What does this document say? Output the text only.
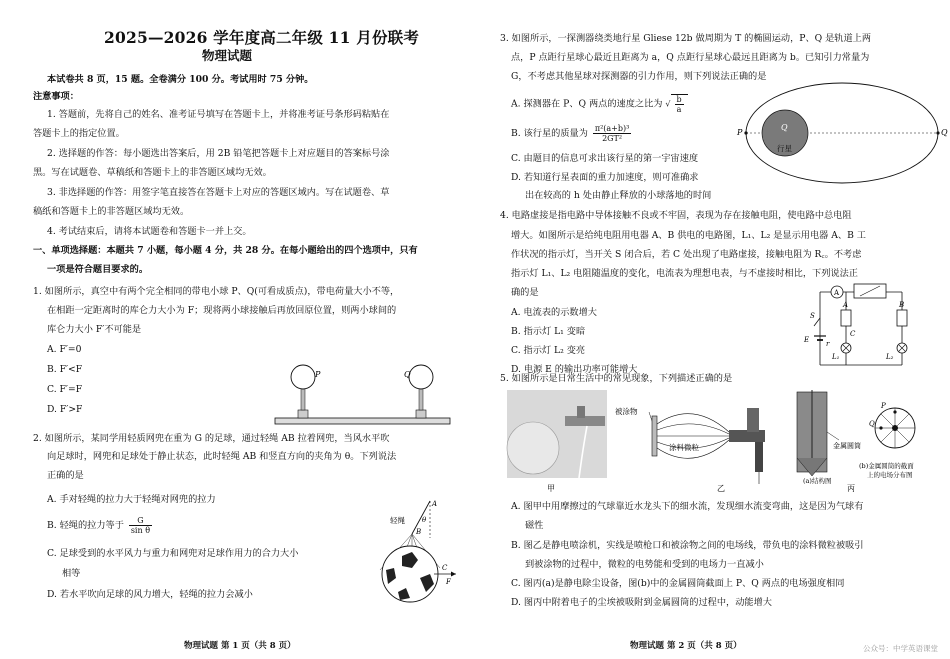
2025—2026 学年度高二年级 11 月份联考
物理试题
本试卷共 8 页，15 题。全卷满分 100 分。考试用时 75 分钟。
注意事项：
1. 答题前，先将自己的姓名、准考证号填写在答题卡上，并将准考证号条形码粘贴在
答题卡上的指定位置。
2. 选择题的作答：每小题选出答案后，用 2B 铅笔把答题卡上对应题目的答案标号涂
黑。写在试题卷、草稿纸和答题卡上的非答题区域均无效。
3. 非选择题的作答：用签字笔直接答在答题卡上对应的答题区域内。写在试题卷、草
稿纸和答题卡上的非答题区域均无效。
4. 考试结束后，请将本试题卷和答题卡一并上交。
一、单项选择题：本题共 7 小题，每小题 4 分，共 28 分。在每小题给出的四个选项中，只有
一项是符合题目要求的。
1. 如图所示，真空中有两个完全相同的带电小球 P、Q(可看成质点)，带电荷量大小不等，
在相距一定距离时的库仑力大小为 F；现将两小球接触后再放回原位置，则两小球间的
库仑力大小 F′不可能是
A. F′=0
B. F′<F
C. F′=F
D. F′>F
P	Q
2. 如图所示，某同学用轻质网兜在重为 G 的足球，通过轻绳 AB 拉着网兜，当风水平吹
向足球时，网兜和足球处于静止状态，此时轻绳 AB 和竖直方向的夹角为 θ。下列说法
正确的是
A. 手对轻绳的拉力大于轻绳对网兜的拉力
B. 轻绳的拉力等于 $\frac{G}{\text{sin θ}}$
C. 足球受到的水平风力与重力和网兜对足球作用力的合力大小
相等
D. 若水平吹向足球的风力增大，轻绳的拉力会减小
轻绳
A
B
θ
C
F
物理试题 第 1 页（共 8 页）
3. 如图所示，一探测器绕类地行星 Gliese 12b 做周期为 T 的椭圆运动，P、Q 是轨道上两
点，P 点距行星球心最近且距离为 a，Q 点距行星球心最远且距离为 b。已知引力常量为
G，不考虑其他星球对探测器的引力作用，则下列说法正确的是
A. 探测器在 P、Q 两点的速度之比为 √ $\frac{b}{a}$
B. 该行星的质量为 $\frac{\text{π²(a+b)³}}{\text{2GT²}}$
C. 由题目的信息可求出该行星的第一宇宙速度
D. 若知道行星表面的重力加速度，则可准确求
出在较高的 h 处由静止释放的小球落地的时间
P	Q
Q
行星
4. 电路虚接是指电路中导体接触不良或不牢固，表现为存在接触电阻，使电路中总电阻
增大。如图所示是给纯电阻用电器 A、B 供电的电路图，L₁、L₂ 是显示用电器 A、B 工
作状况的指示灯，当开关 S 闭合后，若 C 处出现了电路虚接，接触电阻为 R꜀。不考虑
指示灯 L₁、L₂ 电阻随温度的变化，电流表为理想电表，与不虚接时相比，下列说法正
确的是
A. 电流表的示数增大
B. 指示灯 L₁ 变暗
C. 指示灯 L₂ 变亮
D. 电源 E 的输出功率可能增大
A
S
E r
A
C
L₁
B
L₂
5. 如图所示是日常生活中的常见现象，下列描述正确的是
甲
被涂物
涂料微粒
乙
金属圆筒
(a)结构图
P
Q
(b)金属圆筒的截面
上的电场分布图
丙
A. 图甲中用摩擦过的气球靠近水龙头下的细水流，发现细水流变弯曲，这是因为气球有
磁性
B. 图乙是静电喷涂机，实线是喷枪口和被涂物之间的电场线，带负电的涂料微粒被吸引
到被涂物的过程中，微粒的电势能和受到的电场力一直减小
C. 图丙(a)是静电除尘设备，图(b)中的金属圆筒截面上 P、Q 两点的电场强度相同
D. 图丙中附着电子的尘埃被吸附到金属圆筒的过程中，动能增大
物理试题 第 2 页（共 8 页）	公众号：中学英语课堂
